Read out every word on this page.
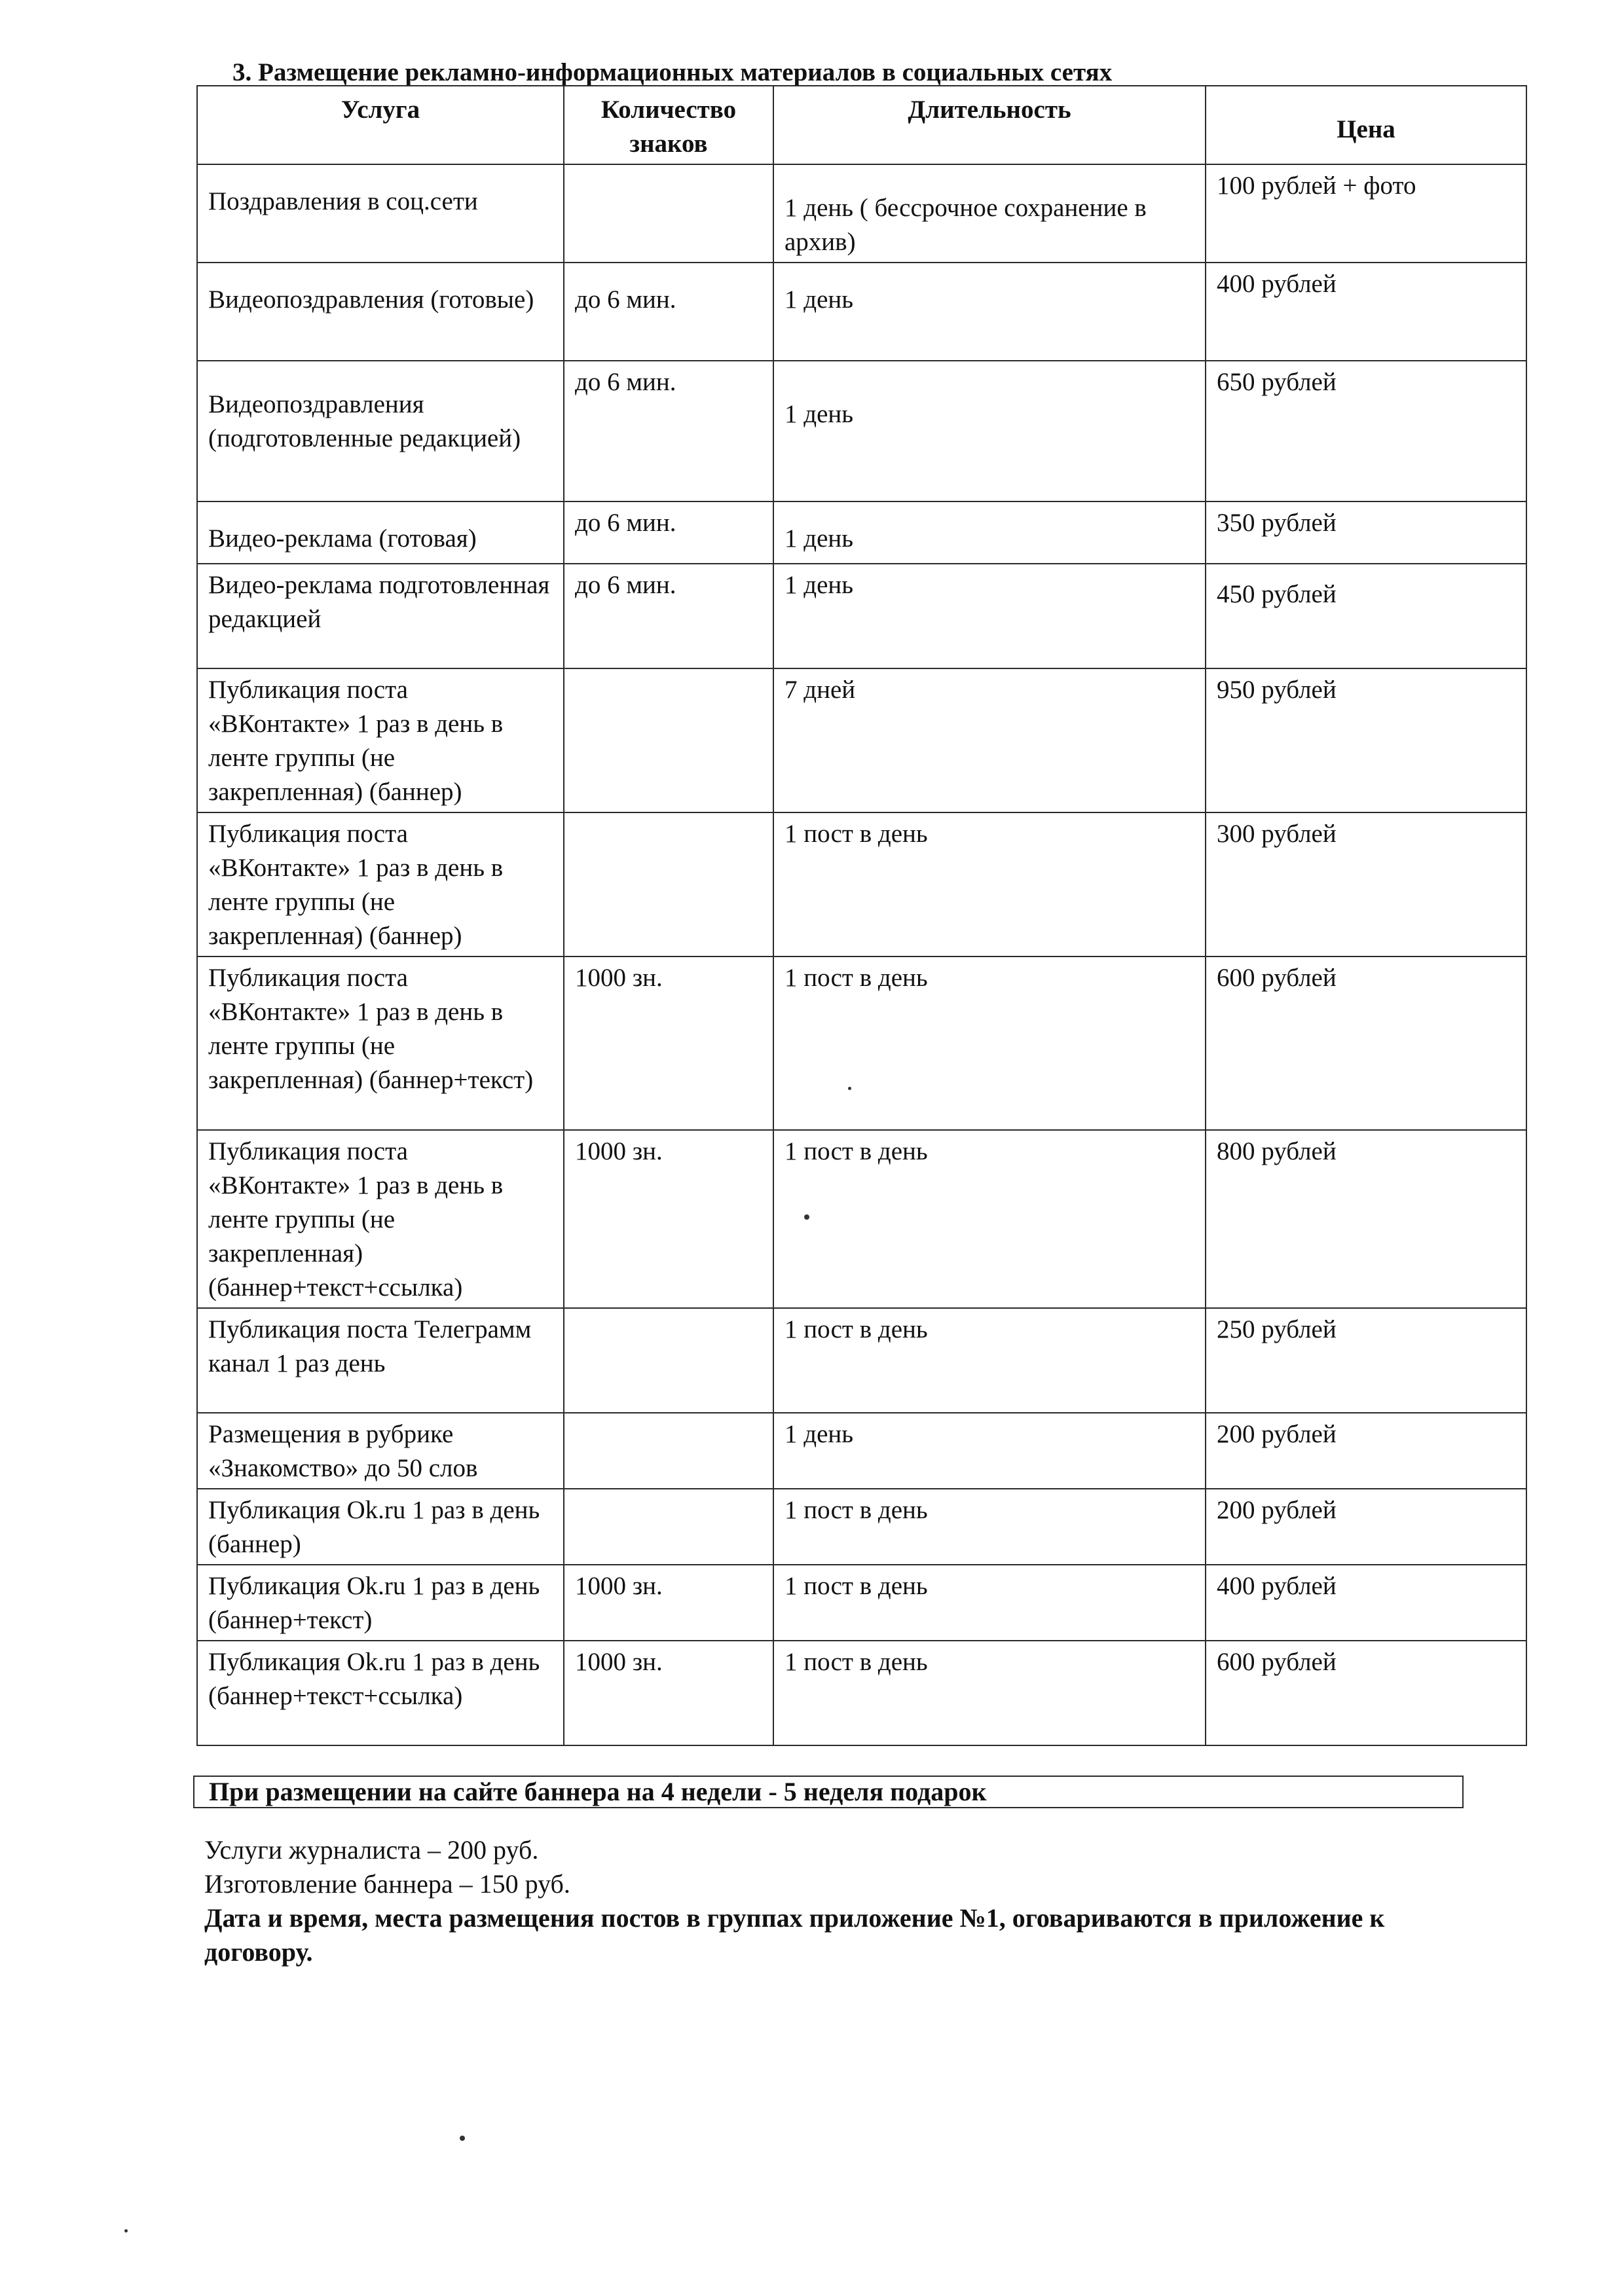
3. Размещение рекламно-информационных материалов в социальных сетях
Услуга	Количество знаков	Длительность	Цена
Поздравления в соц.сети		1 день ( бессрочное сохранение в архив)	100 рублей + фото
Видеопоздравления (готовые)	до 6 мин.	1 день	400 рублей
Видеопоздравления (подготовленные редакцией)	до 6 мин.	1 день	650 рублей
Видео-реклама (готовая)	до 6 мин.	1 день	350 рублей
Видео-реклама подготовленная редакцией	до 6 мин.	1 день	450 рублей
Публикация поста «ВКонтакте» 1 раз в день в ленте группы (не закрепленная) (баннер)		7 дней	950 рублей
Публикация поста «ВКонтакте» 1 раз в день в ленте группы (не закрепленная) (баннер)		1 пост в день	300 рублей
Публикация поста «ВКонтакте» 1 раз в день в ленте группы (не закрепленная) (баннер+текст)	1000 зн.	1 пост в день	600 рублей
Публикация поста «ВКонтакте» 1 раз в день в ленте группы (не закрепленная) (баннер+текст+ссылка)	1000 зн.	1 пост в день	800 рублей
Публикация поста Телеграмм канал 1 раз день		1 пост в день	250 рублей
Размещения в рубрике «Знакомство» до 50 слов		1 день	200 рублей
Публикация Ok.ru 1 раз в день (баннер)		1 пост в день	200 рублей
Публикация Ok.ru 1 раз в день (баннер+текст)	1000 зн.	1 пост в день	400 рублей
Публикация Ok.ru 1 раз в день (баннер+текст+ссылка)	1000 зн.	1 пост в день	600 рублей
При размещении на сайте баннера на 4 недели - 5 неделя подарок
Услуги журналиста – 200 руб.
Изготовление баннера – 150 руб.
Дата и время, места размещения постов в группах приложение №1, оговариваются в приложение к договору.
